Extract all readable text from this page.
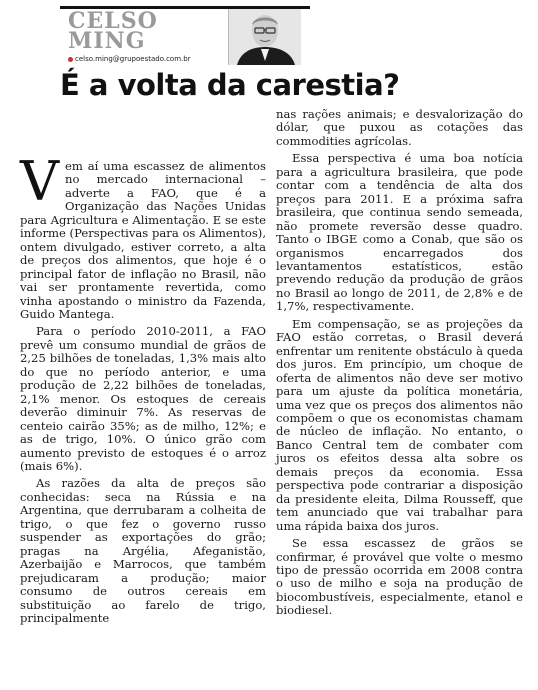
CELSO
MING
celso.ming@grupoestado.com.br
É a volta da carestia?

Vem aí uma escassez de alimentos no mercado internacional – adverte a FAO, que é a Organização das Nações Unidas para Agricultura e Alimentação. E se este informe (Perspectivas para os Alimentos), ontem divulgado, estiver correto, a alta de preços dos alimentos, que hoje é o principal fator de inflação no Brasil, não vai ser prontamente revertida, como vinha apostando o ministro da Fazenda, Guido Mantega.

Para o período 2010-2011, a FAO prevê um consumo mundial de grãos de 2,25 bilhões de toneladas, 1,3% mais alto do que no período anterior, e uma produção de 2,22 bilhões de toneladas, 2,1% menor. Os estoques de cereais deverão diminuir 7%. As reservas de centeio cairão 35%; as de milho, 12%; e as de trigo, 10%. O único grão com aumento previsto de estoques é o arroz (mais 6%).

As razões da alta de preços são conhecidas: seca na Rússia e na Argentina, que derrubaram a colheita de trigo, o que fez o governo russo suspender as exportações do grão; pragas na Argélia, Afeganistão, Azerbaijão e Marrocos, que também prejudicaram a produção; maior consumo de outros cereais em substituição ao farelo de trigo, principalmente

nas rações animais; e desvalorização do dólar, que puxou as cotações das commodities agrícolas.

Essa perspectiva é uma boa notícia para a agricultura brasileira, que pode contar com a tendência de alta dos preços para 2011. E a próxima safra brasileira, que continua sendo semeada, não promete reversão desse quadro. Tanto o IBGE como a Conab, que são os organismos encarregados dos levantamentos estatísticos, estão prevendo redução da produção de grãos no Brasil ao longo de 2011, de 2,8% e de 1,7%, respectivamente.

Em compensação, se as projeções da FAO estão corretas, o Brasil deverá enfrentar um renitente obstáculo à queda dos juros. Em princípio, um choque de oferta de alimentos não deve ser motivo para um ajuste da política monetária, uma vez que os preços dos alimentos não compõem o que os economistas chamam de núcleo de inflação. No entanto, o Banco Central tem de combater com juros os efeitos dessa alta sobre os demais preços da economia. Essa perspectiva pode contrariar a disposição da presidente eleita, Dilma Rousseff, que tem anunciado que vai trabalhar para uma rápida baixa dos juros.

Se essa escassez de grãos se confirmar, é provável que volte o mesmo tipo de pressão ocorrida em 2008 contra o uso de milho e soja na produção de biocombustíveis, especialmente, etanol e biodiesel.
